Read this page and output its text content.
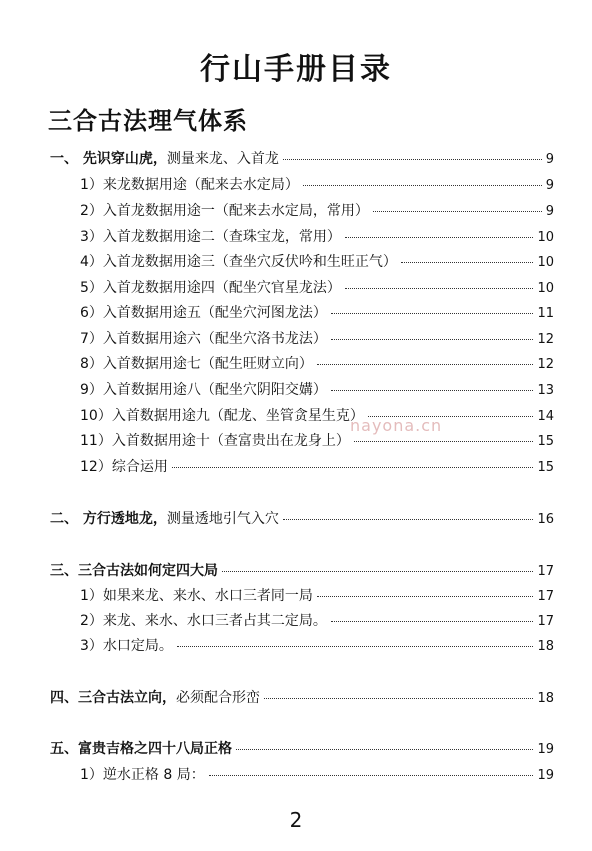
行山手册目录
三合古法理气体系
一、 先识穿山虎，测量来龙、入首龙	9
1）来龙数据用途（配来去水定局）	9
2）入首龙数据用途一（配来去水定局，常用）	9
3）入首龙数据用途二（查珠宝龙，常用）	10
4）入首龙数据用途三（查坐穴反伏吟和生旺正气）	10
5）入首龙数据用途四（配坐穴官星龙法）	10
6）入首数据用途五（配坐穴河图龙法）	11
7）入首数据用途六（配坐穴洛书龙法）	12
8）入首数据用途七（配生旺财立向）	12
9）入首数据用途八（配坐穴阴阳交媾）	13
10）入首数据用途九（配龙、坐管贪星生克）	14
11）入首数据用途十（查富贵出在龙身上）	15
12）综合运用	15
二、 方行透地龙，测量透地引气入穴	16
三、三合古法如何定四大局	17
1）如果来龙、来水、水口三者同一局	17
2）来龙、来水、水口三者占其二定局。	17
3）水口定局。	18
四、三合古法立向，必须配合形峦	18
五、富贵吉格之四十八局正格	19
1）逆水正格 8 局：	19
nayona.cn
2
